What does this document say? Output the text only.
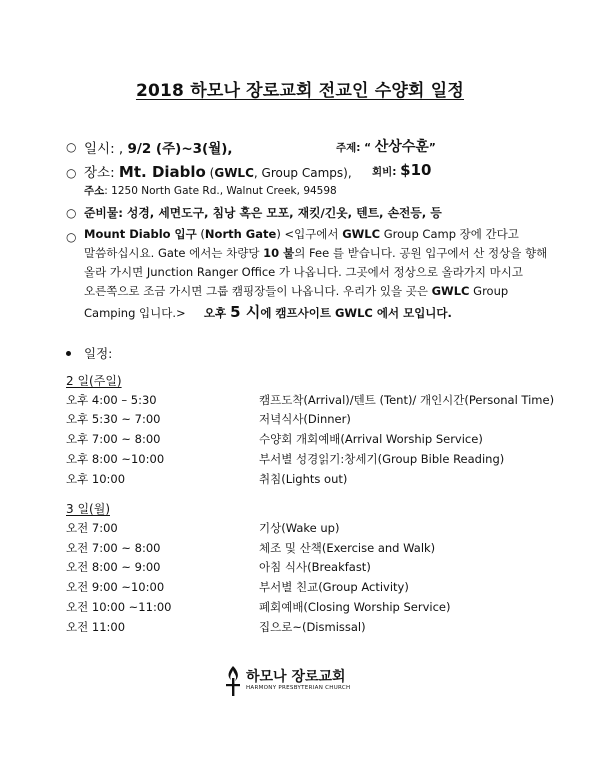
2018 하모나 장로교회 전교인 수양회 일정
○ 일시: , 9/2 (주)~3(월),	주제: “ 산상수훈”
○ 장소: Mt. Diablo (GWLC, Group Camps), 회비: $10
주소: 1250 North Gate Rd., Walnut Creek, 94598
○ 준비물: 성경, 세면도구, 침낭 혹은 모포, 재킷/긴옷, 텐트, 손전등, 등
○ Mount Diablo 입구 (North Gate) <입구에서 GWLC Group Camp 장에 간다고
말씀하십시요. Gate 에서는 차량당 10 불의 Fee 를 받습니다. 공원 입구에서 산 정상을 향해
올라 가시면 Junction Ranger Office 가 나옵니다. 그곳에서 정상으로 올라가지 마시고
오른쪽으로 조금 가시면 그룹 캠핑장들이 나옵니다. 우리가 있을 곳은 GWLC Group
Camping 입니다.> 오후 5 시에 캠프사이트 GWLC 에서 모입니다.
일정:
2 일(주일)
오후 4:00 – 5:30	캠프도착(Arrival)/텐트 (Tent)/ 개인시간(Personal Time)
오후 5:30 ~ 7:00	저녁식사(Dinner)
오후 7:00 ~ 8:00	수양회 개회예배(Arrival Worship Service)
오후 8:00 ~10:00	부서별 성경읽기:창세기(Group Bible Reading)
오후 10:00	취침(Lights out)
3 일(월)
오전 7:00	기상(Wake up)
오전 7:00 ~ 8:00	체조 및 산책(Exercise and Walk)
오전 8:00 ~ 9:00	아침 식사(Breakfast)
오전 9:00 ~10:00	부서별 친교(Group Activity)
오전 10:00 ~11:00	폐회예배(Closing Worship Service)
오전 11:00	집으로~(Dismissal)
하모나 장로교회
HARMONY PRESBYTERIAN CHURCH
